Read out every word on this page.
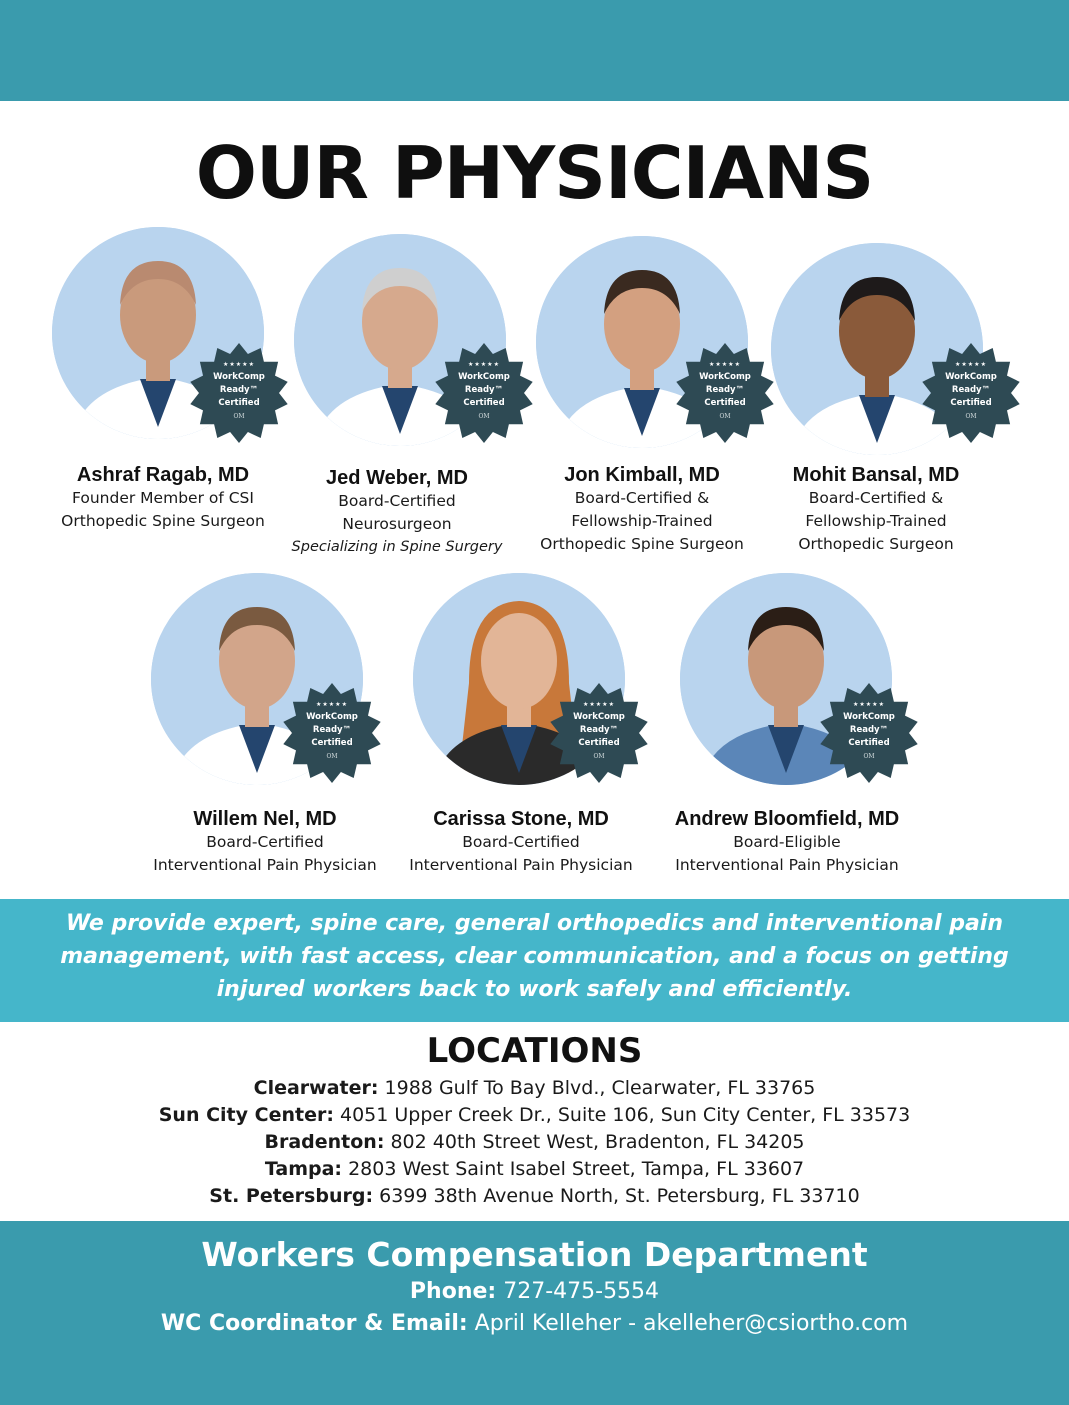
OUR PHYSICIANS
★★★★★
WorkComp
Ready™
Certified
OM
Ashraf Ragab, MD
Founder Member of CSI
Orthopedic Spine Surgeon
★★★★★
WorkComp
Ready™
Certified
OM
Jed Weber, MD
Board-Certified
Neurosurgeon
Specializing in Spine Surgery
★★★★★
WorkComp
Ready™
Certified
OM
Jon Kimball, MD
Board-Certified &
Fellowship-Trained
Orthopedic Spine Surgeon
★★★★★
WorkComp
Ready™
Certified
OM
Mohit Bansal, MD
Board-Certified &
Fellowship-Trained
Orthopedic Surgeon
★★★★★
WorkComp
Ready™
Certified
OM
Willem Nel, MD
Board-Certified
Interventional Pain Physician
★★★★★
WorkComp
Ready™
Certified
OM
Carissa Stone, MD
Board-Certified
Interventional Pain Physician
★★★★★
WorkComp
Ready™
Certified
OM
Andrew Bloomfield, MD
Board-Eligible
Interventional Pain Physician

We provide expert, spine care, general orthopedics and interventional pain management, with fast access, clear communication, and a focus on getting injured workers back to work safely and efficiently.

LOCATIONS
Clearwater: 1988 Gulf To Bay Blvd., Clearwater, FL 33765
Sun City Center: 4051 Upper Creek Dr., Suite 106, Sun City Center, FL 33573
Bradenton: 802 40th Street West, Bradenton, FL 34205
Tampa: 2803 West Saint Isabel Street, Tampa, FL 33607
St. Petersburg: 6399 38th Avenue North, St. Petersburg, FL 33710
Workers Compensation Department
Phone: 727-475-5554
WC Coordinator & Email: April Kelleher - akelleher@csiortho.com
